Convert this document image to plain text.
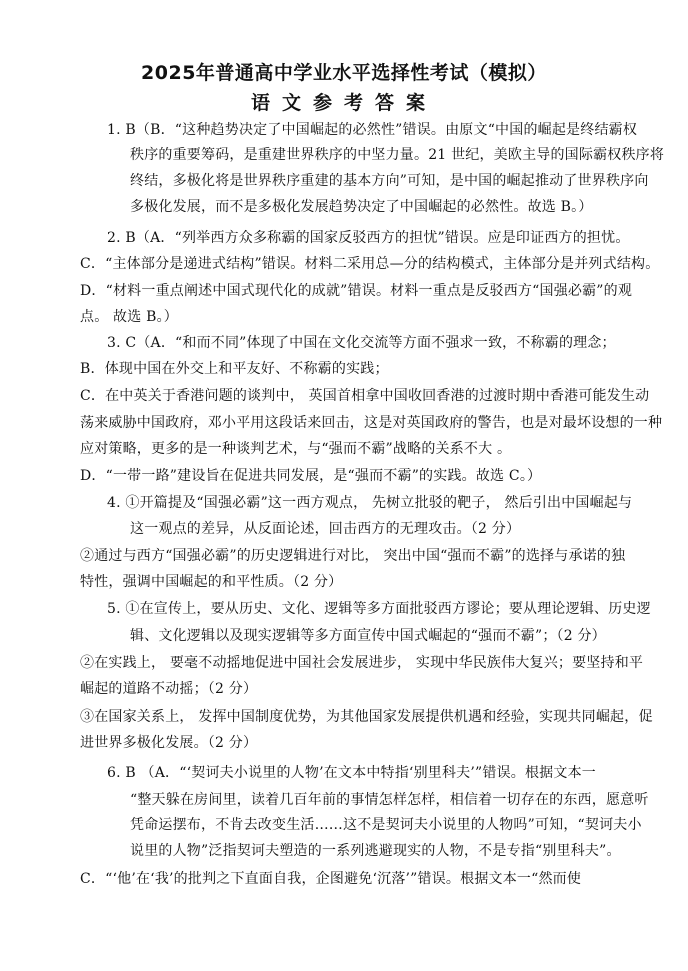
2025年普通高中学业水平选择性考试（模拟）
语文参考答案
1. B（B．“这种趋势决定了中国崛起的必然性”错误。由原文“中国的崛起是终结霸权
秩序的重要筹码，是重建世界秩序的中坚力量。21 世纪，美欧主导的国际霸权秩序将
终结，多极化将是世界秩序重建的基本方向”可知，是中国的崛起推动了世界秩序向
多极化发展，而不是多极化发展趋势决定了中国崛起的必然性。故选 B。）
2. B（A．“列举西方众多称霸的国家反驳西方的担忧”错误。应是印证西方的担忧。
C．“主体部分是递进式结构”错误。材料二采用总—分的结构模式，主体部分是并列式结构。
D．“材料一重点阐述中国式现代化的成就”错误。材料一重点是反驳西方“国强必霸”的观
点。 故选 B。）
3. C（A．“和而不同”体现了中国在文化交流等方面不强求一致，不称霸的理念；
B．体现中国在外交上和平友好、不称霸的实践；
C．在中英关于香港问题的谈判中， 英国首相拿中国收回香港的过渡时期中香港可能发生动
荡来威胁中国政府，邓小平用这段话来回击，这是对英国政府的警告，也是对最坏设想的一种
应对策略，更多的是一种谈判艺术，与“强而不霸”战略的关系不大 。
D．“一带一路”建设旨在促进共同发展，是“强而不霸”的实践。故选 C。）
4. ①开篇提及“国强必霸”这一西方观点， 先树立批驳的靶子， 然后引出中国崛起与
这一观点的差异，从反面论述，回击西方的无理攻击。（2 分）
②通过与西方“国强必霸”的历史逻辑进行对比， 突出中国“强而不霸”的选择与承诺的独
特性，强调中国崛起的和平性质。（2 分）
5. ①在宣传上，要从历史、文化、逻辑等多方面批驳西方谬论；要从理论逻辑、历史逻
辑、文化逻辑以及现实逻辑等多方面宣传中国式崛起的“强而不霸”；（2 分）
②在实践上， 要毫不动摇地促进中国社会发展进步， 实现中华民族伟大复兴；要坚持和平
崛起的道路不动摇；（2 分）
③在国家关系上， 发挥中国制度优势，为其他国家发展提供机遇和经验，实现共同崛起，促
进世界多极化发展。（2 分）
6. B （A．“‘契诃夫小说里的人物’在文本中特指‘别里科夫’”错误。根据文本一
“整天躲在房间里，读着几百年前的事情怎样怎样，相信着一切存在的东西，愿意听
凭命运摆布，不肯去改变生活……这不是契诃夫小说里的人物吗”可知，“契诃夫小
说里的人物”泛指契诃夫塑造的一系列逃避现实的人物，不是专指“别里科夫”。
C．“‘他’在‘我’的批判之下直面自我，企图避免‘沉落’”错误。根据文本一“然而使
